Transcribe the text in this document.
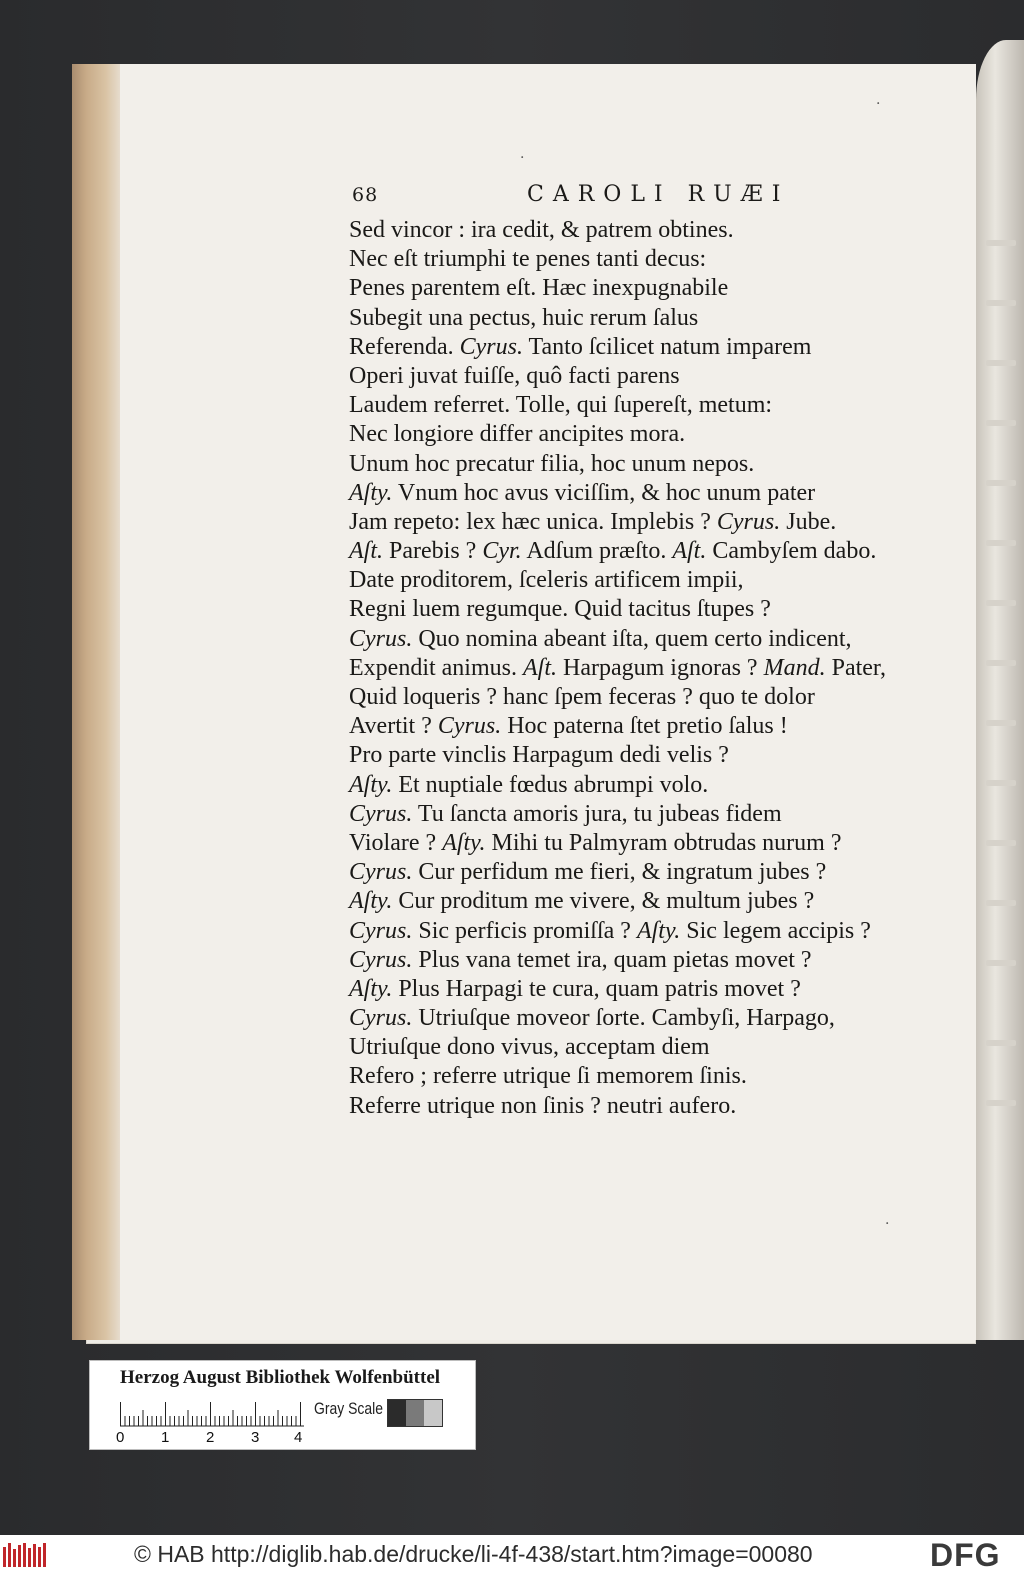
·
·
·
68	CAROLI RUÆI
Sed vincor : ira cedit, & patrem obtines.
Nec eſt triumphi te penes tanti decus:
Penes parentem eſt. Hæc inexpugnabile
Subegit una pectus, huic rerum ſalus
Referenda. Cyrus. Tanto ſcilicet natum imparem
Operi juvat fuiſſe, quô facti parens
Laudem referret. Tolle, qui ſupereſt, metum:
Nec longiore differ ancipites mora.
Unum hoc precatur filia, hoc unum nepos.
Aſty. Vnum hoc avus viciſſim, & hoc unum pater
Jam repeto: lex hæc unica. Implebis ? Cyrus. Jube.
Aſt. Parebis ? Cyr. Adſum præſto. Aſt. Cambyſem dabo.
Date proditorem, ſceleris artificem impii,
Regni luem regumque. Quid tacitus ſtupes ?
Cyrus. Quo nomina abeant iſta, quem certo indicent,
Expendit animus. Aſt. Harpagum ignoras ? Mand. Pater,
Quid loqueris ? hanc ſpem feceras ? quo te dolor
Avertit ? Cyrus. Hoc paterna ſtet pretio ſalus !
Pro parte vinclis Harpagum dedi velis ?
Aſty. Et nuptiale fœdus abrumpi volo.
Cyrus. Tu ſancta amoris jura, tu jubeas fidem
Violare ? Aſty. Mihi tu Palmyram obtrudas nurum ?
Cyrus. Cur perfidum me fieri, & ingratum jubes ?
Aſty. Cur proditum me vivere, & multum jubes ?
Cyrus. Sic perficis promiſſa ? Aſty. Sic legem accipis ?
Cyrus. Plus vana temet ira, quam pietas movet ?
Aſty. Plus Harpagi te cura, quam patris movet ?
Cyrus. Utriuſque moveor ſorte. Cambyſi, Harpago,
Utriuſque dono vivus, acceptam diem
Refero ; referre utrique ſi memorem ſinis.
Referre utrique non ſinis ? neutri aufero.
Herzog August Bibliothek Wolfenbüttel
0 1 2 3 4
Gray Scale
© HAB http://diglib.hab.de/drucke/li-4f-438/start.htm?image=00080	DFG
